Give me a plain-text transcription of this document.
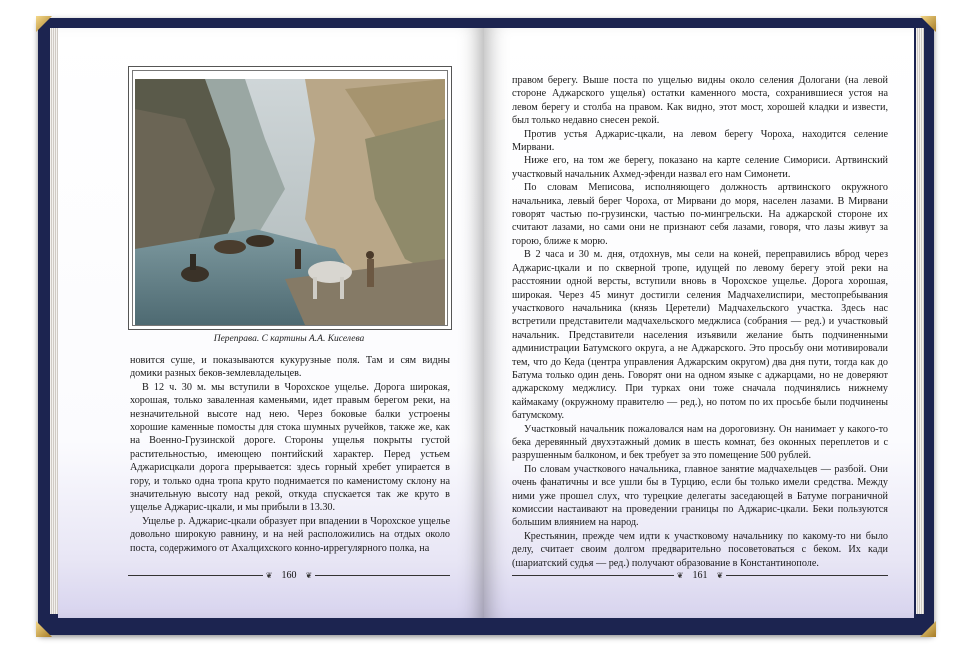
Переправа. С картины А.А. Киселева

новится суше, и показываются кукурузные поля. Там и сям видны домики разных беков-землевладельцев.

В 12 ч. 30 м. мы вступили в Чорохское ущелье. Дорога широкая, хорошая, только заваленная каменьями, идет правым берегом реки, на незначительной высоте над нею. Через боковые балки устроены хорошие каменные помосты для стока шумных ручейков, также же, как на Военно-Грузинской дороге. Стороны ущелья покрыты густой растительностью, имеющею понтийский характер. Перед устьем Аджарисцкали дорога прерывается: здесь горный хребет упирается в гору, и только одна тропа круто поднимается по каменистому склону на значительную высоту над рекой, откуда спускается так же круто в ущелье Аджарис-цкали, и мы прибыли в 13.30.

Ущелье р. Аджарис-цкали образует при впадении в Чорохское ущелье довольно широкую равнину, и на ней расположились на отдых около поста, содержимого от Ахалцихского конно-иррегулярного полка, на

❦ 160	❦

правом берегу. Выше поста по ущелью видны около селения Дологани (на левой стороне Аджарского ущелья) остатки каменного моста, сохранившиеся устоя на левом берегу и столба на правом. Как видно, этот мост, хорошей кладки и извести, был только недавно снесен рекой.

Против устья Аджарис-цкали, на левом берегу Чороха, находится селение Мирвани.

Ниже его, на том же берегу, показано на карте селение Симориси. Артвинский участковый начальник Ахмед-эфенди назвал его нам Симонети.

По словам Меписова, исполняющего должность артвинского окружного начальника, левый берег Чороха, от Мирвани до моря, населен лазами. В Мирвани говорят частью по-грузински, частью по-мингрельски. На аджарской стороне их считают лазами, но сами они не признают себя лазами, говоря, что лазы живут за горою, ближе к морю.

В 2 часа и 30 м. дня, отдохнув, мы сели на коней, переправились вброд через Аджарис-цкали и по скверной тропе, идущей по левому берегу этой реки на расстоянии одной версты, вступили вновь в Чорохское ущелье. Дорога хорошая, широкая. Через 45 минут достигли селения Мадчахелиспири, местопребывания участкового начальника (князь Церетели) Мадчахельского участка. Здесь нас встретили представители мадчахельского меджлиса (собрания — ред.) и участковый начальник. Представители населения изъявили желание быть подчиненными администрации Батумского округа, а не Аджарского. Это просьбу они мотивировали тем, что до Кеда (центра управления Аджарским округом) два дня пути, тогда как до Батума только один день. Говорят они на одном языке с аджарцами, но не доверяют аджарскому меджлису. При турках они тоже сначала подчинялись нижнему каймакаму (окружному правителю — ред.), но потом по их просьбе были подчинены батумскому.

Участковый начальник пожаловался нам на дороговизну. Он нанимает у какого-то бека деревянный двухэтажный домик в шесть комнат, без оконных переплетов и с разрушенным балконом, и бек требует за это помещение 500 рублей.

По словам участкового начальника, главное занятие мадчахельцев — разбой. Они очень фанатичны и все ушли бы в Турцию, если бы только имели средства. Между ними уже прошел слух, что турецкие делегаты заседающей в Батуме пограничной комиссии настаивают на проведении границы по Аджарис-цкали. Беки пользуются большим влиянием на народ.

Крестьянин, прежде чем идти к участковому начальнику по какому-то ни было делу, считает своим долгом предварительно посоветоваться с беком. Их кади (шариатский судья — ред.) получают образование в Константинополе.

❦ 161	❦
